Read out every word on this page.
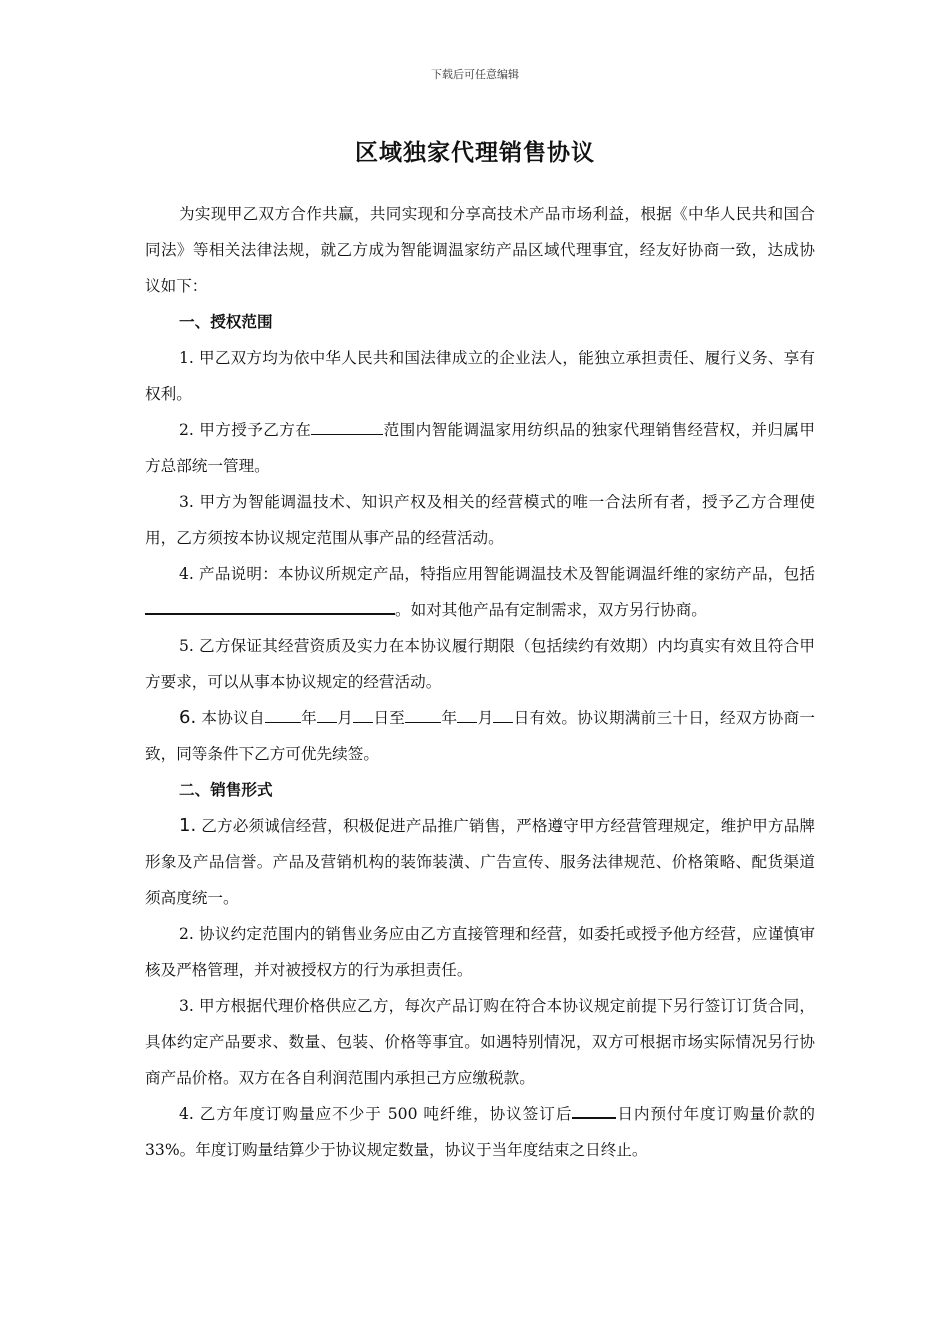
下载后可任意编辑
区域独家代理销售协议

为实现甲乙双方合作共赢，共同实现和分享高技术产品市场利益，根据《中华人民共和国合同法》等相关法律法规，就乙方成为智能调温家纺产品区域代理事宜，经友好协商一致，达成协议如下：

一、授权范围

1. 甲乙双方均为依中华人民共和国法律成立的企业法人，能独立承担责任、履行义务、享有权利。

2. 甲方授予乙方在	范围内智能调温家用纺织品的独家代理销售经营权，并归属甲方总部统一管理。

3. 甲方为智能调温技术、知识产权及相关的经营模式的唯一合法所有者，授予乙方合理使用，乙方须按本协议规定范围从事产品的经营活动。

4. 产品说明：本协议所规定产品，特指应用智能调温技术及智能调温纤维的家纺产品，包括。如对其他产品有定制需求，双方另行协商。

5. 乙方保证其经营资质及实力在本协议履行期限（包括续约有效期）内均真实有效且符合甲方要求，可以从事本协议规定的经营活动。

6. 本协议自 年 月 日至 年 月 日有效。协议期满前三十日，经双方协商一致，同等条件下乙方可优先续签。

二、销售形式

1. 乙方必须诚信经营，积极促进产品推广销售，严格遵守甲方经营管理规定，维护甲方品牌形象及产品信誉。产品及营销机构的装饰装潢、广告宣传、服务法律规范、价格策略、配货渠道须高度统一。

2. 协议约定范围内的销售业务应由乙方直接管理和经营，如委托或授予他方经营，应谨慎审核及严格管理，并对被授权方的行为承担责任。

3. 甲方根据代理价格供应乙方，每次产品订购在符合本协议规定前提下另行签订订货合同，具体约定产品要求、数量、包装、价格等事宜。如遇特别情况，双方可根据市场实际情况另行协商产品价格。双方在各自利润范围内承担己方应缴税款。

4. 乙方年度订购量应不少于 500 吨纤维，协议签订后	日内预付年度订购量价款的 33%。年度订购量结算少于协议规定数量，协议于当年度结束之日终止。
